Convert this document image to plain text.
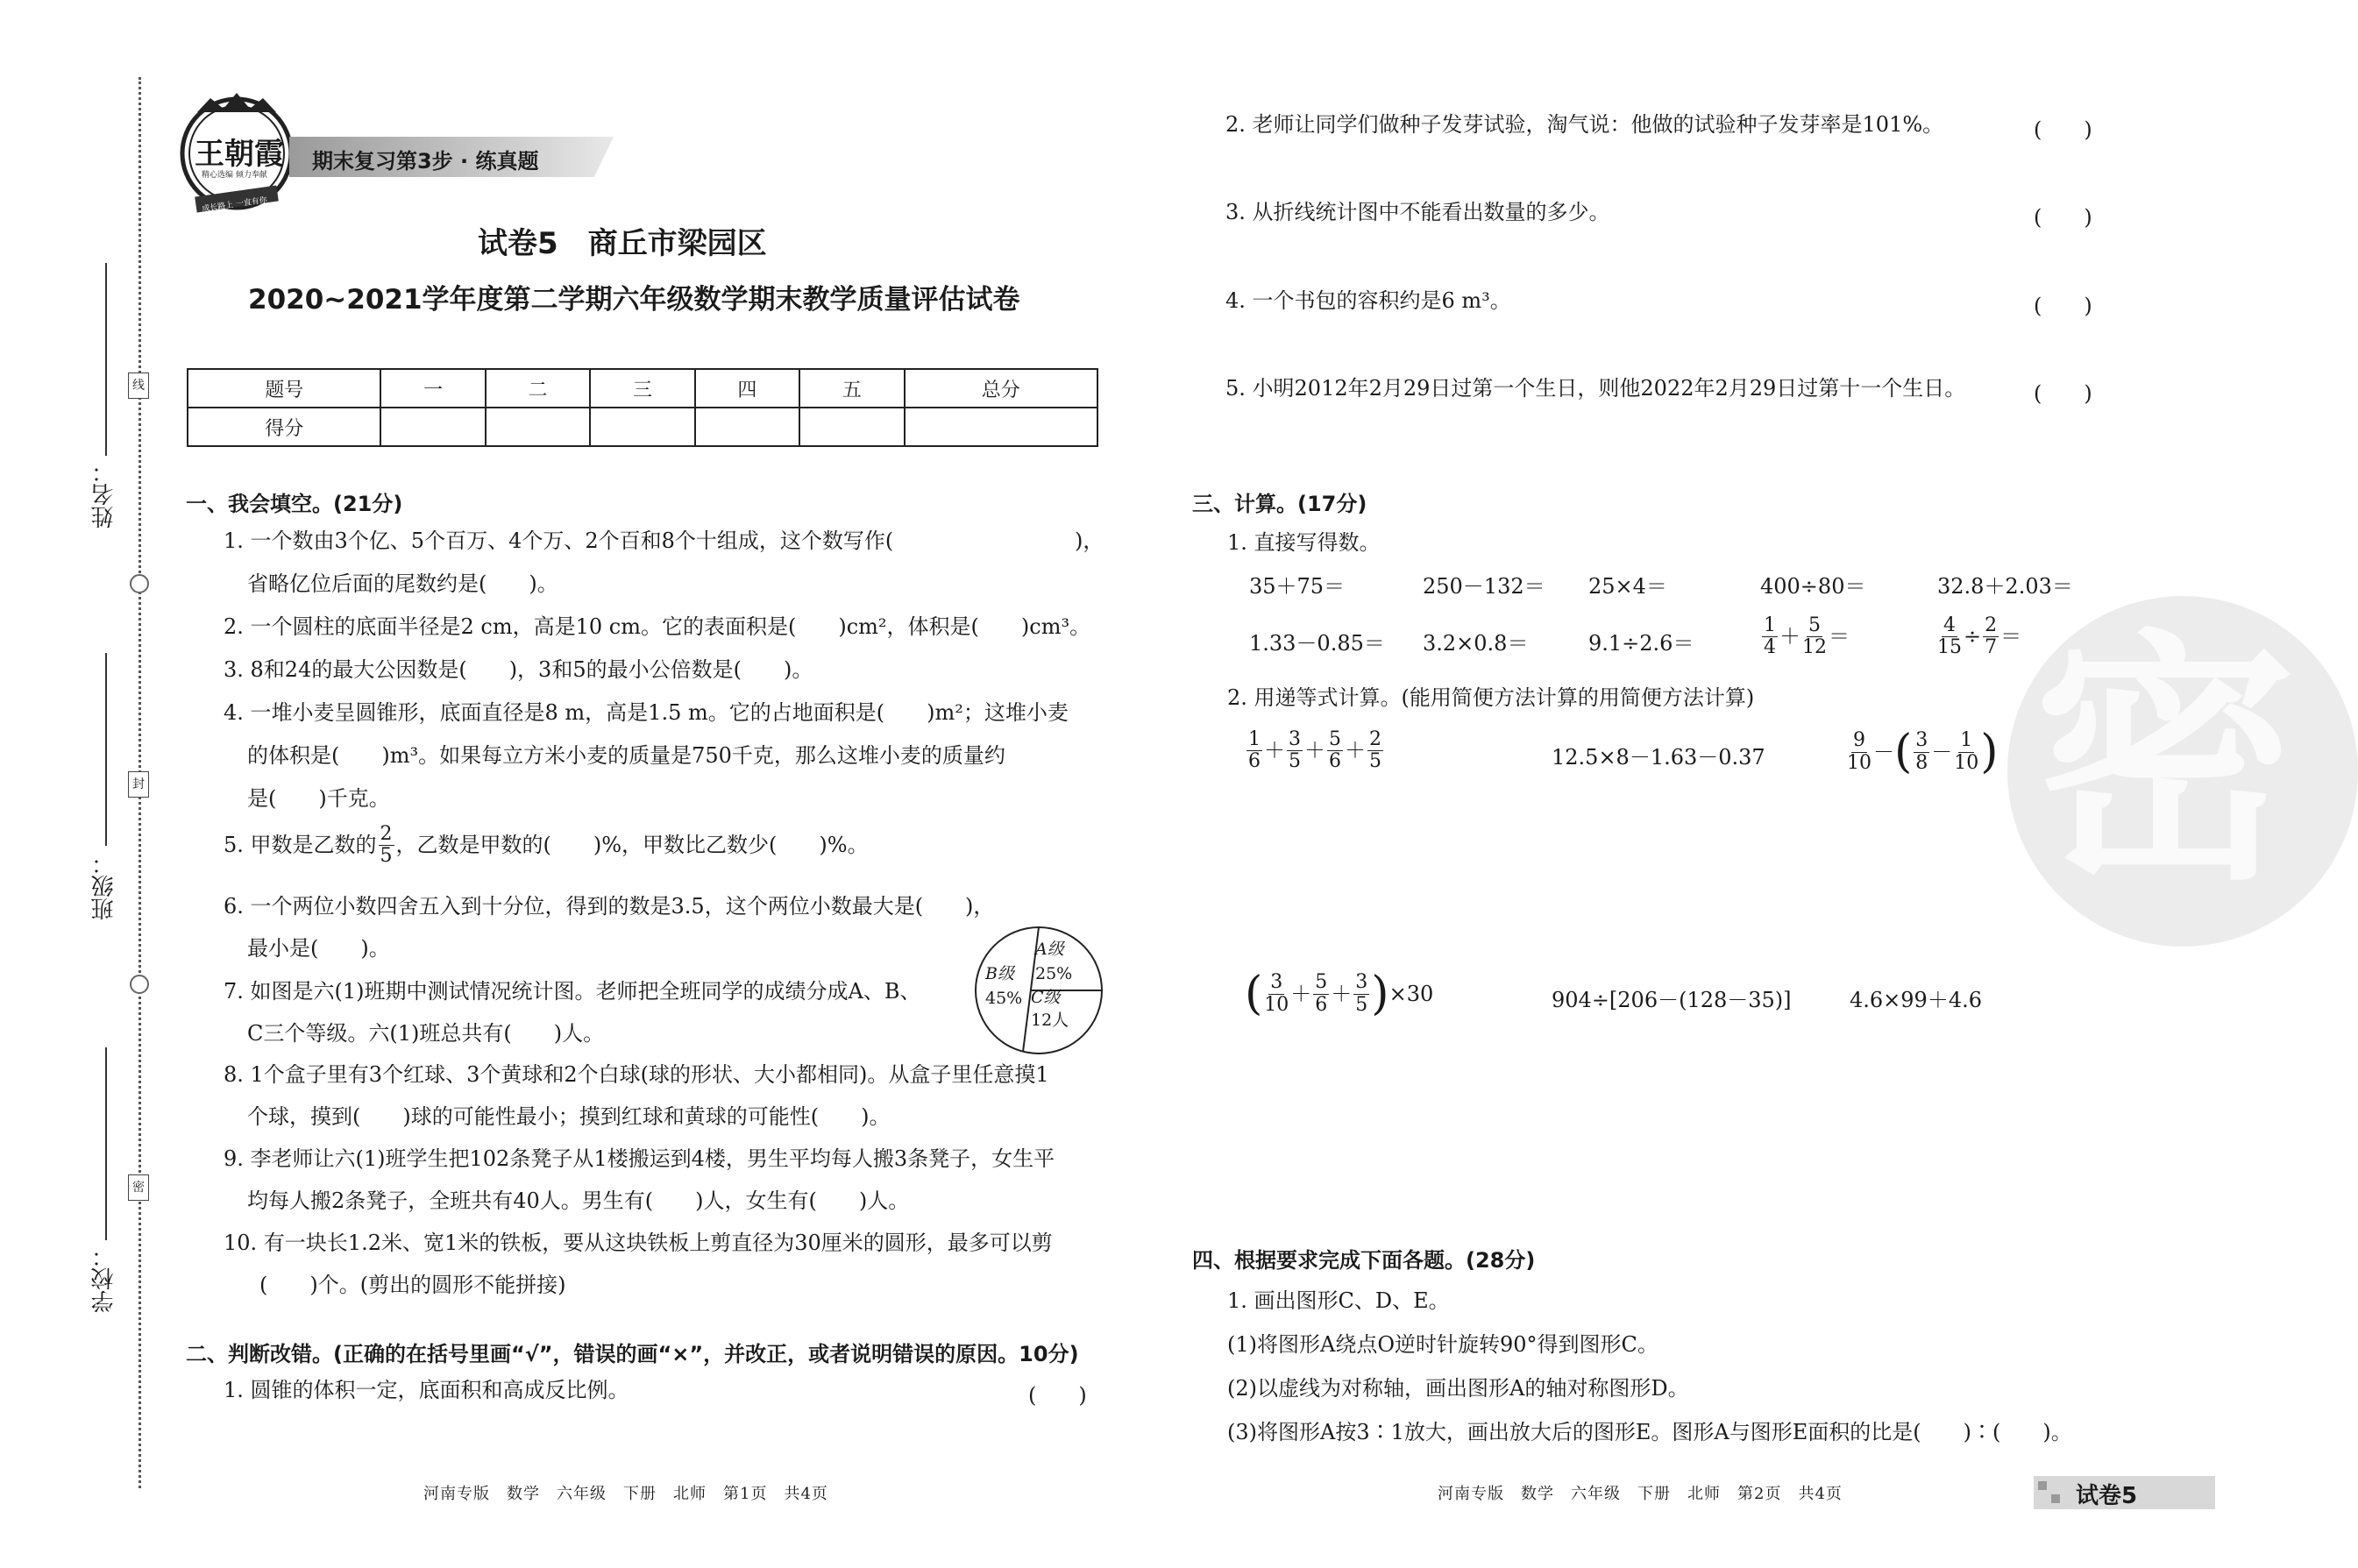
姓名：
班级：
学校：
线
封
密
王朝霞
精心选编 倾力奉献
成长路上 一直有你
期末复习第3步 · 练真题
试卷5　商丘市梁园区
2020~2021学年度第二学期六年级数学期末教学质量评估试卷
题号	一	二	三	四	五	总分
得分						
一、我会填空。(21分)
1. 一个数由3个亿、5个百万、4个万、2个百和8个十组成，这个数写作(	)，
省略亿位后面的尾数约是(　　)。
2. 一个圆柱的底面半径是2 cm，高是10 cm。它的表面积是(　　)cm²，体积是(　　)cm³。
3. 8和24的最大公因数是(　　)，3和5的最小公倍数是(　　)。
4. 一堆小麦呈圆锥形，底面直径是8 m，高是1.5 m。它的占地面积是(　　)m²；这堆小麦
的体积是(　　)m³。如果每立方米小麦的质量是750千克，那么这堆小麦的质量约
是(　　)千克。
5. 甲数是乙数的 $\frac{2}{5}$ ，乙数是甲数的(　　)%，甲数比乙数少(　　)%。
6. 一个两位小数四舍五入到十分位，得到的数是3.5，这个两位小数最大是(　　)，
最小是(　　)。
7. 如图是六(1)班期中测试情况统计图。老师把全班同学的成绩分成A、B、
C三个等级。六(1)班总共有(　　)人。
A级
25%
B级
45% C级
12人
8. 1个盒子里有3个红球、3个黄球和2个白球(球的形状、大小都相同)。从盒子里任意摸1
个球，摸到(　　)球的可能性最小；摸到红球和黄球的可能性(　　)。
9. 李老师让六(1)班学生把102条凳子从1楼搬运到4楼，男生平均每人搬3条凳子，女生平
均每人搬2条凳子，全班共有40人。男生有(　　)人，女生有(　　)人。
10. 有一块长1.2米、宽1米的铁板，要从这块铁板上剪直径为30厘米的圆形，最多可以剪
(　　)个。(剪出的圆形不能拼接)
二、判断改错。(正确的在括号里画“√”，错误的画“×”，并改正，或者说明错误的原因。10分)
1. 圆锥的体积一定，底面积和高成反比例。	(　　)
2. 老师让同学们做种子发芽试验，淘气说：他做的试验种子发芽率是101%。	(　　)
3. 从折线统计图中不能看出数量的多少。	(　　)
4. 一个书包的容积约是6 m³。	(　　)
5. 小明2012年2月29日过第一个生日，则他2022年2月29日过第十一个生日。	(　　)
三、计算。(17分)
1. 直接写得数。
35＋75＝	250－132＝ 25×4＝	400÷80＝	32.8＋2.03＝
1.33－0.85＝ 3.2×0.8＝	9.1÷2.6＝	$\frac{1}{4} + \frac{5}{12}$ ＝	$\frac{4}{15} \div \frac{2}{7}$ ＝
2. 用递等式计算。(能用简便方法计算的用简便方法计算)
$\frac{1}{6} + \frac{3}{5} + \frac{5}{6} + \frac{2}{5}$	12.5×8－1.63－0.37	$\frac{9}{10}$ － ( $\frac{3}{8} - \frac{1}{10}$ )
( $\frac{3}{10} + \frac{5}{6} + \frac{3}{5}$ ) ×30	904÷[206－(128－35)]	4.6×99＋4.6
四、根据要求完成下面各题。(28分)
1. 画出图形C、D、E。
(1)将图形A绕点O逆时针旋转90°得到图形C。
(2)以虚线为对称轴，画出图形A的轴对称图形D。
(3)将图形A按3∶1放大，画出放大后的图形E。图形A与图形E面积的比是(　　)∶(　　)。
密
河南专版　数学　六年级　下册　北师　第1页　共4页	河南专版　数学　六年级　下册　北师　第2页　共4页	试卷5
